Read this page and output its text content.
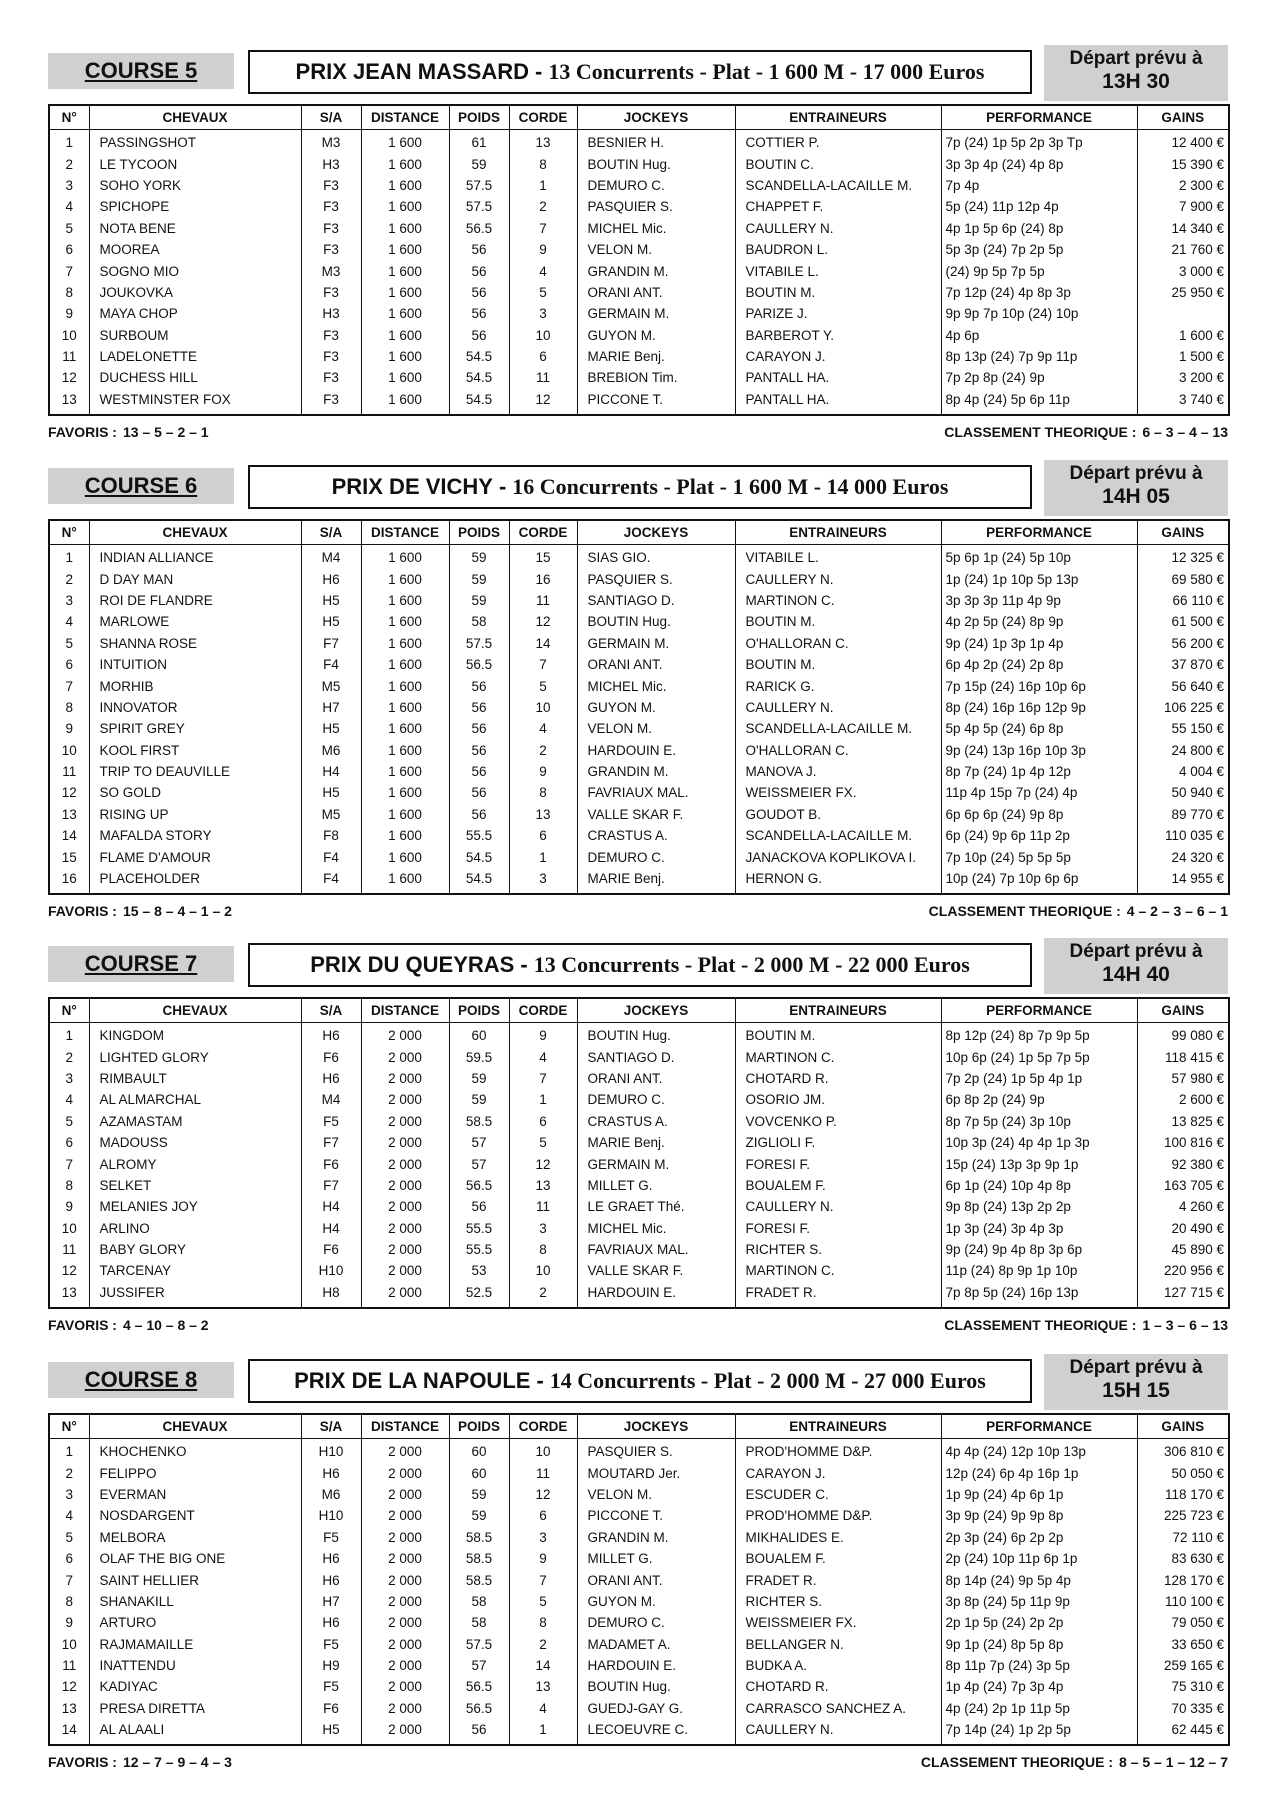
COURSE 5	PRIX JEAN MASSARD - 13 Concurrents - Plat - 1 600 M - 17 000 Euros
Départ prévu à
13H 30
N°	CHEVAUX	S/A	DISTANCE	POIDS	CORDE	JOCKEYS	ENTRAINEURS	PERFORMANCE	GAINS
1	PASSINGSHOT	M3	1 600	61	13	BESNIER H.	COTTIER P.	7p (24) 1p 5p 2p 3p Tp	12 400 €
2	LE TYCOON	H3	1 600	59	8	BOUTIN Hug.	BOUTIN C.	3p 3p 4p (24) 4p 8p	15 390 €
3	SOHO YORK	F3	1 600	57.5	1	DEMURO C.	SCANDELLA-LACAILLE M.	7p 4p	2 300 €
4	SPICHOPE	F3	1 600	57.5	2	PASQUIER S.	CHAPPET F.	5p (24) 11p 12p 4p	7 900 €
5	NOTA BENE	F3	1 600	56.5	7	MICHEL Mic.	CAULLERY N.	4p 1p 5p 6p (24) 8p	14 340 €
6	MOOREA	F3	1 600	56	9	VELON M.	BAUDRON L.	5p 3p (24) 7p 2p 5p	21 760 €
7	SOGNO MIO	M3	1 600	56	4	GRANDIN M.	VITABILE L.	(24) 9p 5p 7p 5p	3 000 €
8	JOUKOVKA	F3	1 600	56	5	ORANI ANT.	BOUTIN M.	7p 12p (24) 4p 8p 3p	25 950 €
9	MAYA CHOP	H3	1 600	56	3	GERMAIN M.	PARIZE J.	9p 9p 7p 10p (24) 10p	
10	SURBOUM	F3	1 600	56	10	GUYON M.	BARBEROT Y.	4p 6p	1 600 €
11	LADELONETTE	F3	1 600	54.5	6	MARIE Benj.	CARAYON J.	8p 13p (24) 7p 9p 11p	1 500 €
12	DUCHESS HILL	F3	1 600	54.5	11	BREBION Tim.	PANTALL HA.	7p 2p 8p (24) 9p	3 200 €
13	WESTMINSTER FOX	F3	1 600	54.5	12	PICCONE T.	PANTALL HA.	8p 4p (24) 5p 6p 11p	3 740 €
FAVORIS : 13 – 5 – 2 – 1	CLASSEMENT THEORIQUE : 6 – 3 – 4 – 13
COURSE 6	PRIX DE VICHY - 16 Concurrents - Plat - 1 600 M - 14 000 Euros
Départ prévu à
14H 05
N°	CHEVAUX	S/A	DISTANCE	POIDS	CORDE	JOCKEYS	ENTRAINEURS	PERFORMANCE	GAINS
1	INDIAN ALLIANCE	M4	1 600	59	15	SIAS GIO.	VITABILE L.	5p 6p 1p (24) 5p 10p	12 325 €
2	D DAY MAN	H6	1 600	59	16	PASQUIER S.	CAULLERY N.	1p (24) 1p 10p 5p 13p	69 580 €
3	ROI DE FLANDRE	H5	1 600	59	11	SANTIAGO D.	MARTINON C.	3p 3p 3p 11p 4p 9p	66 110 €
4	MARLOWE	H5	1 600	58	12	BOUTIN Hug.	BOUTIN M.	4p 2p 5p (24) 8p 9p	61 500 €
5	SHANNA ROSE	F7	1 600	57.5	14	GERMAIN M.	O'HALLORAN C.	9p (24) 1p 3p 1p 4p	56 200 €
6	INTUITION	F4	1 600	56.5	7	ORANI ANT.	BOUTIN M.	6p 4p 2p (24) 2p 8p	37 870 €
7	MORHIB	M5	1 600	56	5	MICHEL Mic.	RARICK G.	7p 15p (24) 16p 10p 6p	56 640 €
8	INNOVATOR	H7	1 600	56	10	GUYON M.	CAULLERY N.	8p (24) 16p 16p 12p 9p	106 225 €
9	SPIRIT GREY	H5	1 600	56	4	VELON M.	SCANDELLA-LACAILLE M.	5p 4p 5p (24) 6p 8p	55 150 €
10	KOOL FIRST	M6	1 600	56	2	HARDOUIN E.	O'HALLORAN C.	9p (24) 13p 16p 10p 3p	24 800 €
11	TRIP TO DEAUVILLE	H4	1 600	56	9	GRANDIN M.	MANOVA J.	8p 7p (24) 1p 4p 12p	4 004 €
12	SO GOLD	H5	1 600	56	8	FAVRIAUX MAL.	WEISSMEIER FX.	11p 4p 15p 7p (24) 4p	50 940 €
13	RISING UP	M5	1 600	56	13	VALLE SKAR F.	GOUDOT B.	6p 6p 6p (24) 9p 8p	89 770 €
14	MAFALDA STORY	F8	1 600	55.5	6	CRASTUS A.	SCANDELLA-LACAILLE M.	6p (24) 9p 6p 11p 2p	110 035 €
15	FLAME D'AMOUR	F4	1 600	54.5	1	DEMURO C.	JANACKOVA KOPLIKOVA I.	7p 10p (24) 5p 5p 5p	24 320 €
16	PLACEHOLDER	F4	1 600	54.5	3	MARIE Benj.	HERNON G.	10p (24) 7p 10p 6p 6p	14 955 €
FAVORIS : 15 – 8 – 4 – 1 – 2	CLASSEMENT THEORIQUE : 4 – 2 – 3 – 6 – 1
COURSE 7	PRIX DU QUEYRAS - 13 Concurrents - Plat - 2 000 M - 22 000 Euros
Départ prévu à
14H 40
N°	CHEVAUX	S/A	DISTANCE	POIDS	CORDE	JOCKEYS	ENTRAINEURS	PERFORMANCE	GAINS
1	KINGDOM	H6	2 000	60	9	BOUTIN Hug.	BOUTIN M.	8p 12p (24) 8p 7p 9p 5p	99 080 €
2	LIGHTED GLORY	F6	2 000	59.5	4	SANTIAGO D.	MARTINON C.	10p 6p (24) 1p 5p 7p 5p	118 415 €
3	RIMBAULT	H6	2 000	59	7	ORANI ANT.	CHOTARD R.	7p 2p (24) 1p 5p 4p 1p	57 980 €
4	AL ALMARCHAL	M4	2 000	59	1	DEMURO C.	OSORIO JM.	6p 8p 2p (24) 9p	2 600 €
5	AZAMASTAM	F5	2 000	58.5	6	CRASTUS A.	VOVCENKO P.	8p 7p 5p (24) 3p 10p	13 825 €
6	MADOUSS	F7	2 000	57	5	MARIE Benj.	ZIGLIOLI F.	10p 3p (24) 4p 4p 1p 3p	100 816 €
7	ALROMY	F6	2 000	57	12	GERMAIN M.	FORESI F.	15p (24) 13p 3p 9p 1p	92 380 €
8	SELKET	F7	2 000	56.5	13	MILLET G.	BOUALEM F.	6p 1p (24) 10p 4p 8p	163 705 €
9	MELANIES JOY	H4	2 000	56	11	LE GRAET Thé.	CAULLERY N.	9p 8p (24) 13p 2p 2p	4 260 €
10	ARLINO	H4	2 000	55.5	3	MICHEL Mic.	FORESI F.	1p 3p (24) 3p 4p 3p	20 490 €
11	BABY GLORY	F6	2 000	55.5	8	FAVRIAUX MAL.	RICHTER S.	9p (24) 9p 4p 8p 3p 6p	45 890 €
12	TARCENAY	H10	2 000	53	10	VALLE SKAR F.	MARTINON C.	11p (24) 8p 9p 1p 10p	220 956 €
13	JUSSIFER	H8	2 000	52.5	2	HARDOUIN E.	FRADET R.	7p 8p 5p (24) 16p 13p	127 715 €
FAVORIS : 4 – 10 – 8 – 2	CLASSEMENT THEORIQUE : 1 – 3 – 6 – 13
COURSE 8	PRIX DE LA NAPOULE - 14 Concurrents - Plat - 2 000 M - 27 000 Euros
Départ prévu à
15H 15
N°	CHEVAUX	S/A	DISTANCE	POIDS	CORDE	JOCKEYS	ENTRAINEURS	PERFORMANCE	GAINS
1	KHOCHENKO	H10	2 000	60	10	PASQUIER S.	PROD'HOMME D&P.	4p 4p (24) 12p 10p 13p	306 810 €
2	FELIPPO	H6	2 000	60	11	MOUTARD Jer.	CARAYON J.	12p (24) 6p 4p 16p 1p	50 050 €
3	EVERMAN	M6	2 000	59	12	VELON M.	ESCUDER C.	1p 9p (24) 4p 6p 1p	118 170 €
4	NOSDARGENT	H10	2 000	59	6	PICCONE T.	PROD'HOMME D&P.	3p 9p (24) 9p 9p 8p	225 723 €
5	MELBORA	F5	2 000	58.5	3	GRANDIN M.	MIKHALIDES E.	2p 3p (24) 6p 2p 2p	72 110 €
6	OLAF THE BIG ONE	H6	2 000	58.5	9	MILLET G.	BOUALEM F.	2p (24) 10p 11p 6p 1p	83 630 €
7	SAINT HELLIER	H6	2 000	58.5	7	ORANI ANT.	FRADET R.	8p 14p (24) 9p 5p 4p	128 170 €
8	SHANAKILL	H7	2 000	58	5	GUYON M.	RICHTER S.	3p 8p (24) 5p 11p 9p	110 100 €
9	ARTURO	H6	2 000	58	8	DEMURO C.	WEISSMEIER FX.	2p 1p 5p (24) 2p 2p	79 050 €
10	RAJMAMAILLE	F5	2 000	57.5	2	MADAMET A.	BELLANGER N.	9p 1p (24) 8p 5p 8p	33 650 €
11	INATTENDU	H9	2 000	57	14	HARDOUIN E.	BUDKA A.	8p 11p 7p (24) 3p 5p	259 165 €
12	KADIYAC	F5	2 000	56.5	13	BOUTIN Hug.	CHOTARD R.	1p 4p (24) 7p 3p 4p	75 310 €
13	PRESA DIRETTA	F6	2 000	56.5	4	GUEDJ-GAY G.	CARRASCO SANCHEZ A.	4p (24) 2p 1p 11p 5p	70 335 €
14	AL ALAALI	H5	2 000	56	1	LECOEUVRE C.	CAULLERY N.	7p 14p (24) 1p 2p 5p	62 445 €
FAVORIS : 12 – 7 – 9 – 4 – 3	CLASSEMENT THEORIQUE : 8 – 5 – 1 – 12 – 7
